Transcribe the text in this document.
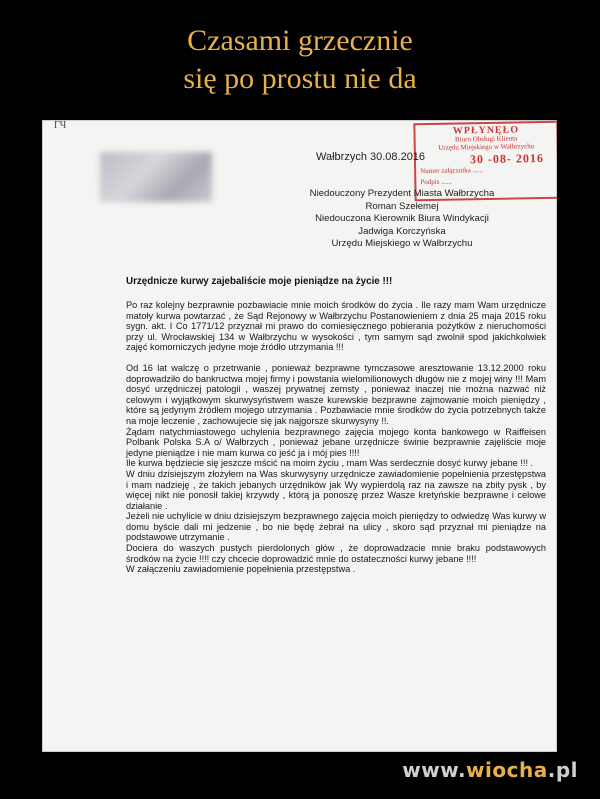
Czasami grzecznie
się po prostu nie da
ГЧ	WPŁYNĘŁO
Biuro Obsługi Klienta
Urzędu Miejskiego w Wałbrzychu
30 -08- 2016
Numer załącznika ......
Podpis ......
Wałbrzych 30.08.2016
Niedouczony Prezydent Miasta Wałbrzycha
Roman Szełemej
Niedouczona Kierownik Biura Windykacji
Jadwiga Korczyńska
Urzędu Miejskiego w Wałbrzychu
Urzędnicze kurwy zajebaliście moje pieniądze na życie !!!

Po raz kolejny bezprawnie pozbawiacie mnie moich środków do życia . Ile razy mam Wam urzędnicze matoły kurwa powtarzać , że Sąd Rejonowy w Wałbrzychu Postanowieniem z dnia 25 maja 2015 roku sygn. akt. I Co 1771/12 przyznał mi prawo do comiesięcznego pobierania pożytków z nieruchomości przy ul. Wrocławskiej 134 w Wałbrzychu w wysokości , tym samym sąd zwolnił spod jakichkolwiek zajęć komorniczych jedyne moje źródło utrzymania !!!

Od 16 lat walczę o przetrwanie , ponieważ bezprawne tymczasowe aresztowanie 13.12.2000 roku doprowadziło do bankructwa mojej firmy i powstania wielomilionowych długów nie z mojej winy !!! Mam dosyć urzędniczej patologii , waszej prywatnej zemsty , ponieważ inaczej nie można nazwać niż celowym i wyjątkowym skurwysyństwem wasze kurewskie bezprawne zajmowanie moich pieniędzy , które są jedynym źródłem mojego utrzymania . Pozbawiacie mnie środków do życia potrzebnych także na moje leczenie , zachowujecie się jak najgorsze skurwysyny !!.

Żądam natychmiastowego uchylenia bezprawnego zajęcia mojego konta bankowego w Raiffeisen Polbank Polska S.A o/ Wałbrzych , ponieważ jebane urzędnicze świnie bezprawnie zajęliście moje jedyne pieniądze i nie mam kurwa co jeść ja i mój pies !!!!

Ile kurwa będziecie się jeszcze mścić na moim życiu , mam Was serdecznie dosyć kurwy jebane !!! .

W dniu dzisiejszym złożyłem na Was skurwysyny urzędnicze zawiadomienie popełnienia przestępstwa i mam nadzieję , że takich jebanych urzędników jak Wy wypierdolą raz na zawsze na zbity pysk , by więcej nikt nie ponosił takiej krzywdy , którą ja ponoszę przez Wasze kretyńskie bezprawne i celowe działanie .

Jeżeli nie uchylicie w dniu dzisiejszym bezprawnego zajęcia moich pieniędzy to odwiedzę Was kurwy w domu byście dali mi jedzenie , bo nie będę żebrał na ulicy , skoro sąd przyznał mi pieniądze na podstawowe utrzymanie .

Dociera do waszych pustych pierdolonych głów , że doprowadzacie mnie braku podstawowych środków na życie !!!! czy chcecie doprowadzić mnie do ostateczności kurwy jebane !!!!

W załączeniu zawiadomienie popełnienia przestępstwa .

www.wiocha.pl
